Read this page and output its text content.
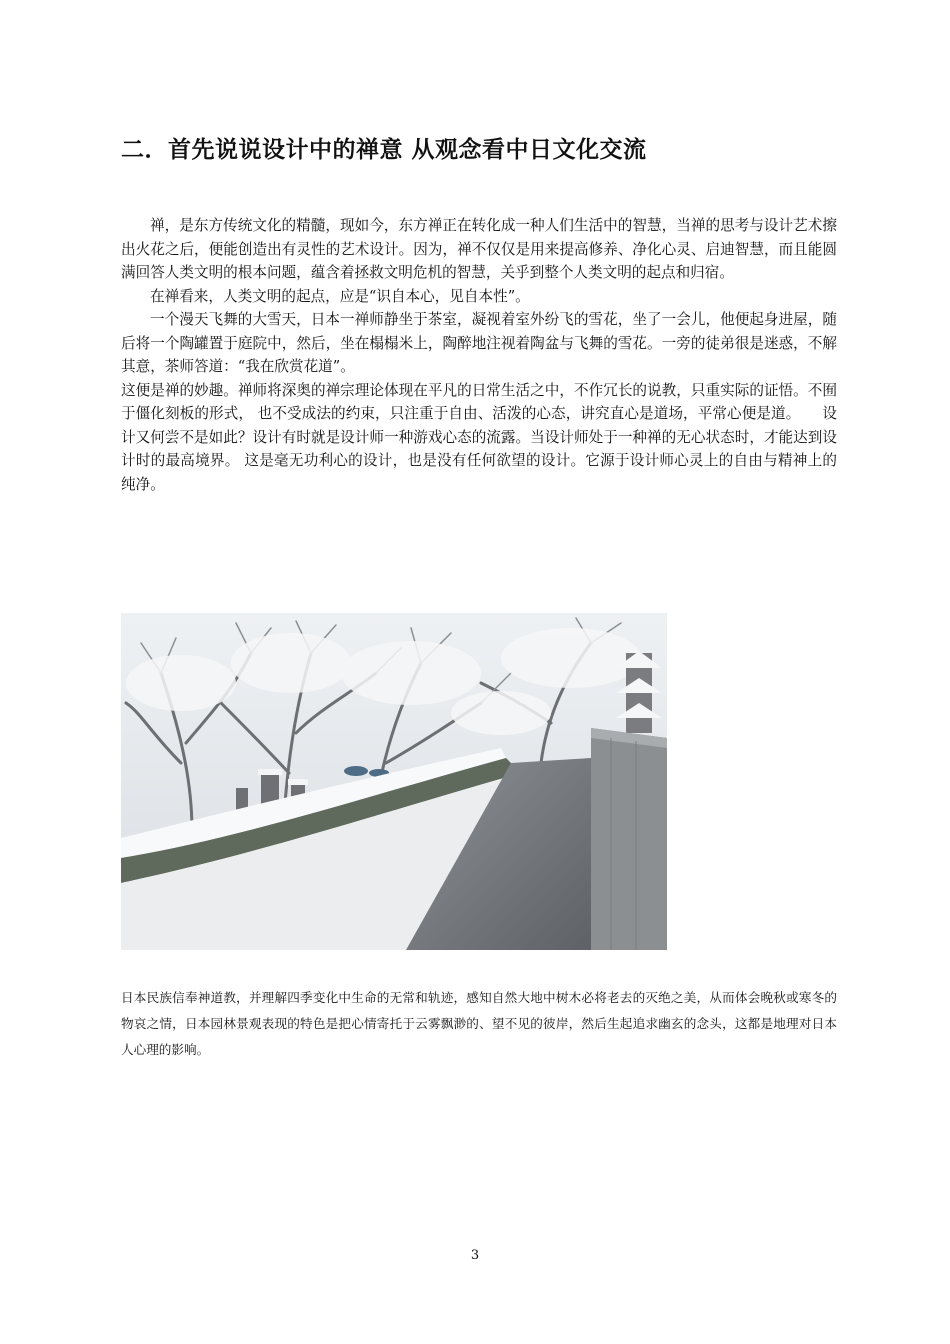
二．首先说说设计中的禅意 从观念看中日文化交流

禅，是东方传统文化的精髓，现如今，东方禅正在转化成一种人们生活中的智慧，当禅的思考与设计艺术擦出火花之后，便能创造出有灵性的艺术设计。因为，禅不仅仅是用来提高修养、净化心灵、启迪智慧，而且能圆满回答人类文明的根本问题，蕴含着拯救文明危机的智慧，关乎到整个人类文明的起点和归宿。

在禅看来，人类文明的起点，应是“识自本心，见自本性”。

一个漫天飞舞的大雪天，日本一禅师静坐于茶室，凝视着室外纷飞的雪花，坐了一会儿，他便起身进屋，随后将一个陶罐置于庭院中，然后，坐在榻榻米上，陶醉地注视着陶盆与飞舞的雪花。一旁的徒弟很是迷惑，不解其意，茶师答道：“我在欣赏花道”。

这便是禅的妙趣。禅师将深奥的禅宗理论体现在平凡的日常生活之中，不作冗长的说教，只重实际的证悟。不囿于僵化刻板的形式， 也不受成法的约束，只注重于自由、活泼的心态，讲究直心是道场，平常心便是道。　　设计又何尝不是如此？设计有时就是设计师一种游戏心态的流露。当设计师处于一种禅的无心状态时，才能达到设计时的最高境界。 这是毫无功利心的设计，也是没有任何欲望的设计。它源于设计师心灵上的自由与精神上的纯净。

日本民族信奉神道教，并理解四季变化中生命的无常和轨迹，感知自然大地中树木必将老去的灭绝之美，从而体会晚秋或寒冬的物哀之情，日本园林景观表现的特色是把心情寄托于云雾飘渺的、望不见的彼岸，然后生起追求幽玄的念头，这都是地理对日本人心理的影响。

3
